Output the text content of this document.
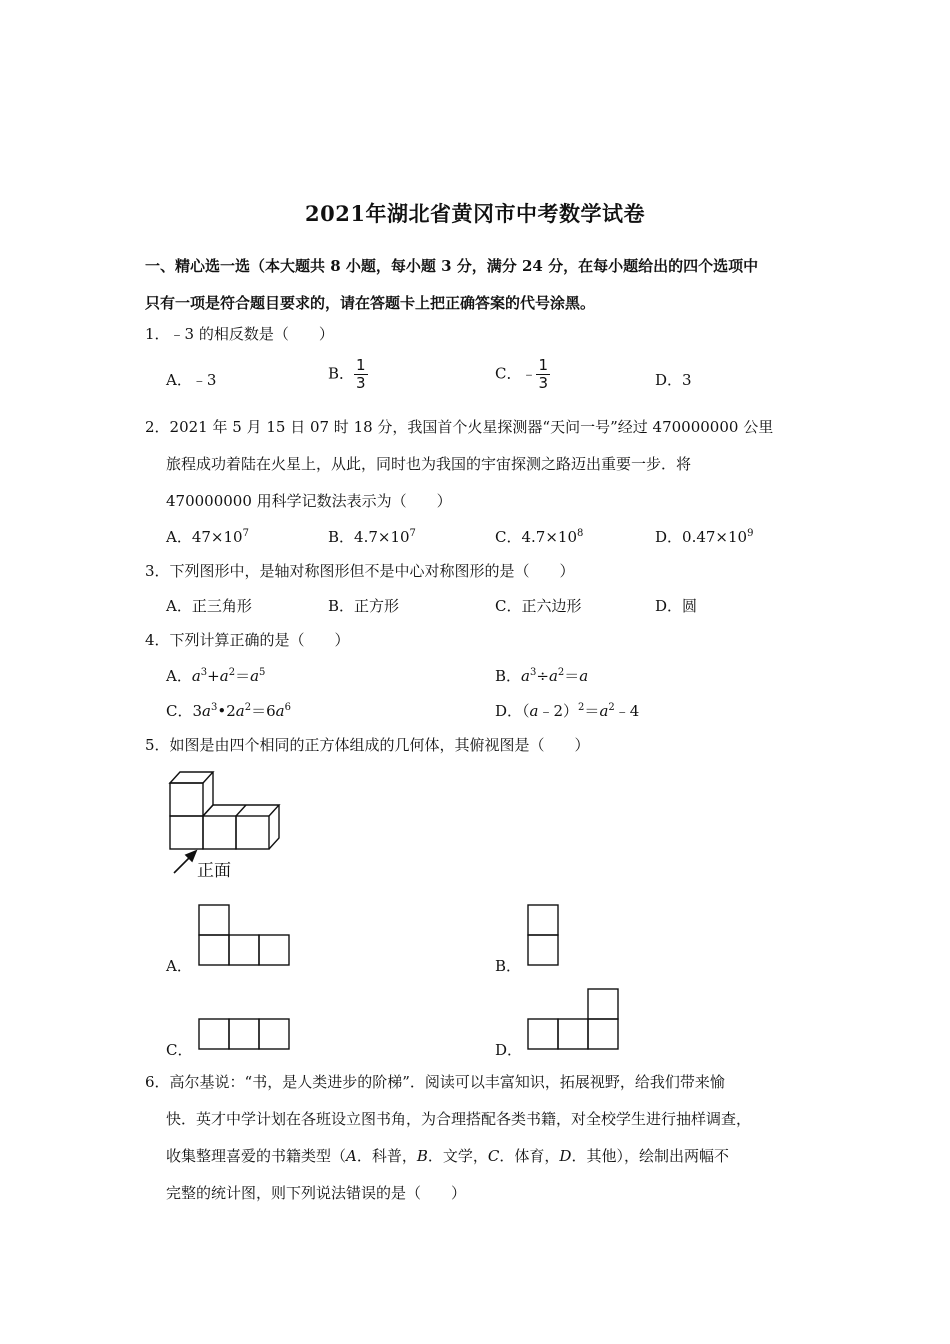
2021年湖北省黄冈市中考数学试卷
一、精心选一选（本大题共 8 小题，每小题 3 分，满分 24 分，在每小题给出的四个选项中
只有一项是符合题目要求的，请在答题卡上把正确答案的代号涂黑。
1．﹣3 的相反数是（　　）
A．﹣3	B． $\frac{1}{3}$	C．﹣ $\frac{1}{3}$	D．3
2．2021 年 5 月 15 日 07 时 18 分，我国首个火星探测器“天问一号”经过 470000000 公里
旅程成功着陆在火星上，从此，同时也为我国的宇宙探测之路迈出重要一步．将
470000000 用科学记数法表示为（　　）
A．$47\times 10^7$	B．$4.7\times 10^7$	C．$4.7\times 10^8$	D．$0.47\times 10^9$
3．下列图形中，是轴对称图形但不是中心对称图形的是（　　）
A．正三角形	B．正方形	C．正六边形	D．圆
4．下列计算正确的是（　　）
A．$a^3+a^2=a^5$	B．$a^3\div a^2=a$
C．$3a^3•2a^2=6a^6$	D．$(a﹣2)^2=a^2﹣4$
5．如图是由四个相同的正方体组成的几何体，其俯视图是（　　）
正面
A．	B．
C．	D．
6．高尔基说：“书，是人类进步的阶梯”．阅读可以丰富知识，拓展视野，给我们带来愉
快．英才中学计划在各班设立图书角，为合理搭配各类书籍，对全校学生进行抽样调查，
收集整理喜爱的书籍类型（A．科普，B．文学，C．体育，D．其他），绘制出两幅不
完整的统计图，则下列说法错误的是（　　）
